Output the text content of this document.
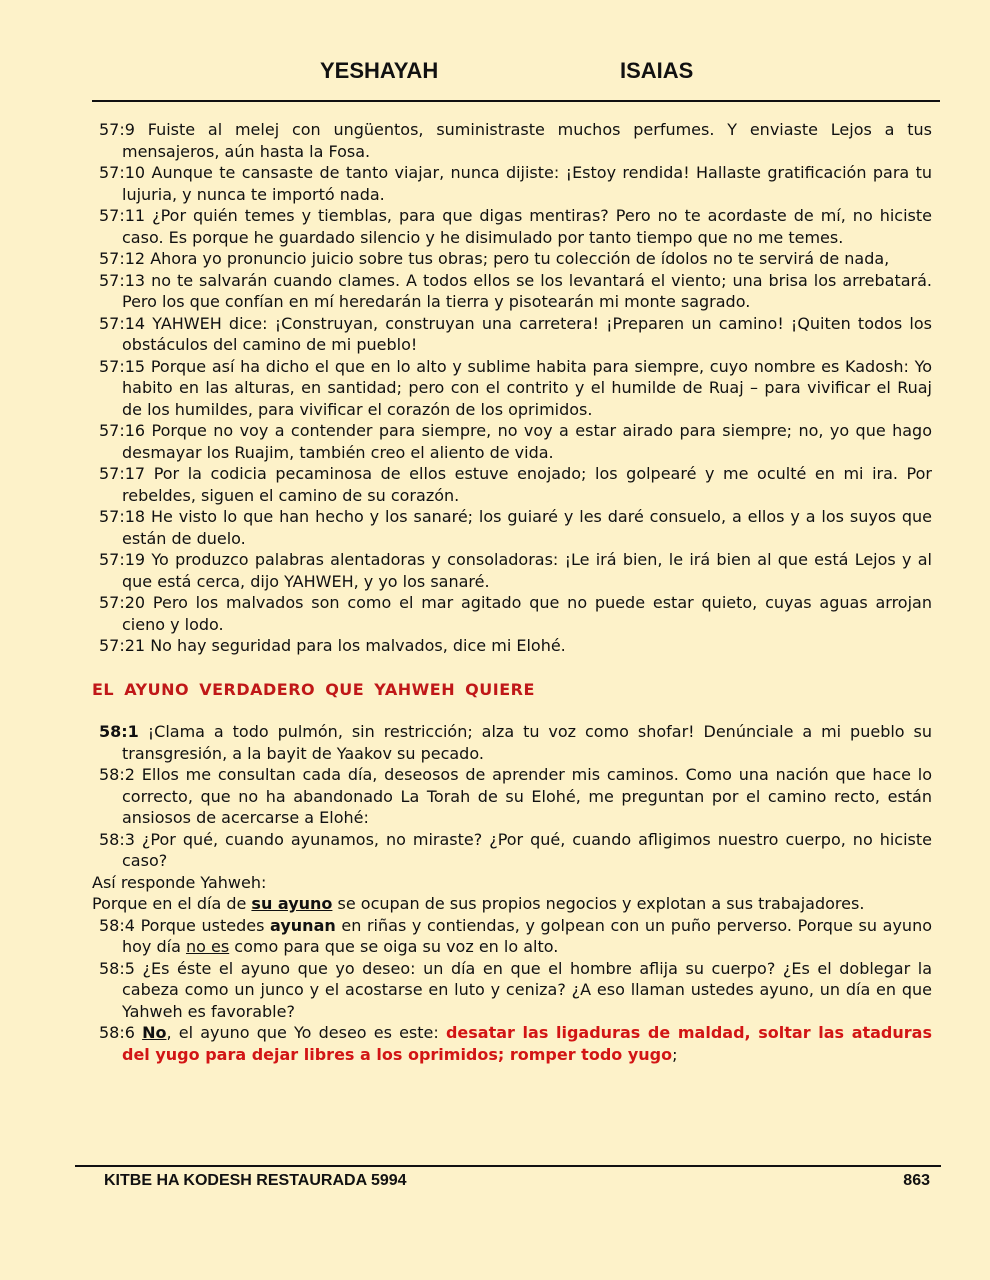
YESHAYAH	ISAIAS
57:9 Fuiste al melej con ungüentos, suministraste muchos perfumes. Y enviaste Lejos a tus mensajeros, aún hasta la Fosa.
57:10 Aunque te cansaste de tanto viajar, nunca dijiste: ¡Estoy rendida! Hallaste gratificación para tu lujuria, y nunca te importó nada.
57:11 ¿Por quién temes y tiemblas, para que digas mentiras? Pero no te acordaste de mí, no hiciste caso. Es porque he guardado silencio y he disimulado por tanto tiempo que no me temes.
57:12 Ahora yo pronuncio juicio sobre tus obras; pero tu colección de ídolos no te servirá de nada,
57:13 no te salvarán cuando clames. A todos ellos se los levantará el viento; una brisa los arrebatará. Pero los que confían en mí heredarán la tierra y pisotearán mi monte sagrado.
57:14 YAHWEH dice: ¡Construyan, construyan una carretera! ¡Preparen un camino! ¡Quiten todos los obstáculos del camino de mi pueblo!
57:15 Porque así ha dicho el que en lo alto y sublime habita para siempre, cuyo nombre es Kadosh: Yo habito en las alturas, en santidad; pero con el contrito y el humilde de Ruaj – para vivificar el Ruaj de los humildes, para vivificar el corazón de los oprimidos.
57:16 Porque no voy a contender para siempre, no voy a estar airado para siempre; no, yo que hago desmayar los Ruajim, también creo el aliento de vida.
57:17 Por la codicia pecaminosa de ellos estuve enojado; los golpearé y me oculté en mi ira. Por rebeldes, siguen el camino de su corazón.
57:18 He visto lo que han hecho y los sanaré; los guiaré y les daré consuelo, a ellos y a los suyos que están de duelo.
57:19 Yo produzco palabras alentadoras y consoladoras: ¡Le irá bien, le irá bien al que está Lejos y al que está cerca, dijo YAHWEH, y yo los sanaré.
57:20 Pero los malvados son como el mar agitado que no puede estar quieto, cuyas aguas arrojan cieno y lodo.
57:21 No hay seguridad para los malvados, dice mi Elohé.
EL AYUNO VERDADERO QUE YAHWEH QUIERE
58:1 ¡Clama a todo pulmón, sin restricción; alza tu voz como shofar! Denúnciale a mi pueblo su transgresión, a la bayit de Yaakov su pecado.
58:2 Ellos me consultan cada día, deseosos de aprender mis caminos. Como una nación que hace lo correcto, que no ha abandonado La Torah de su Elohé, me preguntan por el camino recto, están ansiosos de acercarse a Elohé:
58:3 ¿Por qué, cuando ayunamos, no miraste? ¿Por qué, cuando afligimos nuestro cuerpo, no hiciste caso?
Así responde Yahweh:
Porque en el día de su ayuno se ocupan de sus propios negocios y explotan a sus trabajadores.
58:4 Porque ustedes ayunan en riñas y contiendas, y golpean con un puño perverso. Porque su ayuno hoy día no es como para que se oiga su voz en lo alto.
58:5 ¿Es éste el ayuno que yo deseo: un día en que el hombre aflija su cuerpo? ¿Es el doblegar la cabeza como un junco y el acostarse en luto y ceniza? ¿A eso llaman ustedes ayuno, un día en que Yahweh es favorable?
58:6 No, el ayuno que Yo deseo es este: desatar las ligaduras de maldad, soltar las ataduras del yugo para dejar libres a los oprimidos; romper todo yugo;
KITBE HA KODESH RESTAURADA 5994	863
